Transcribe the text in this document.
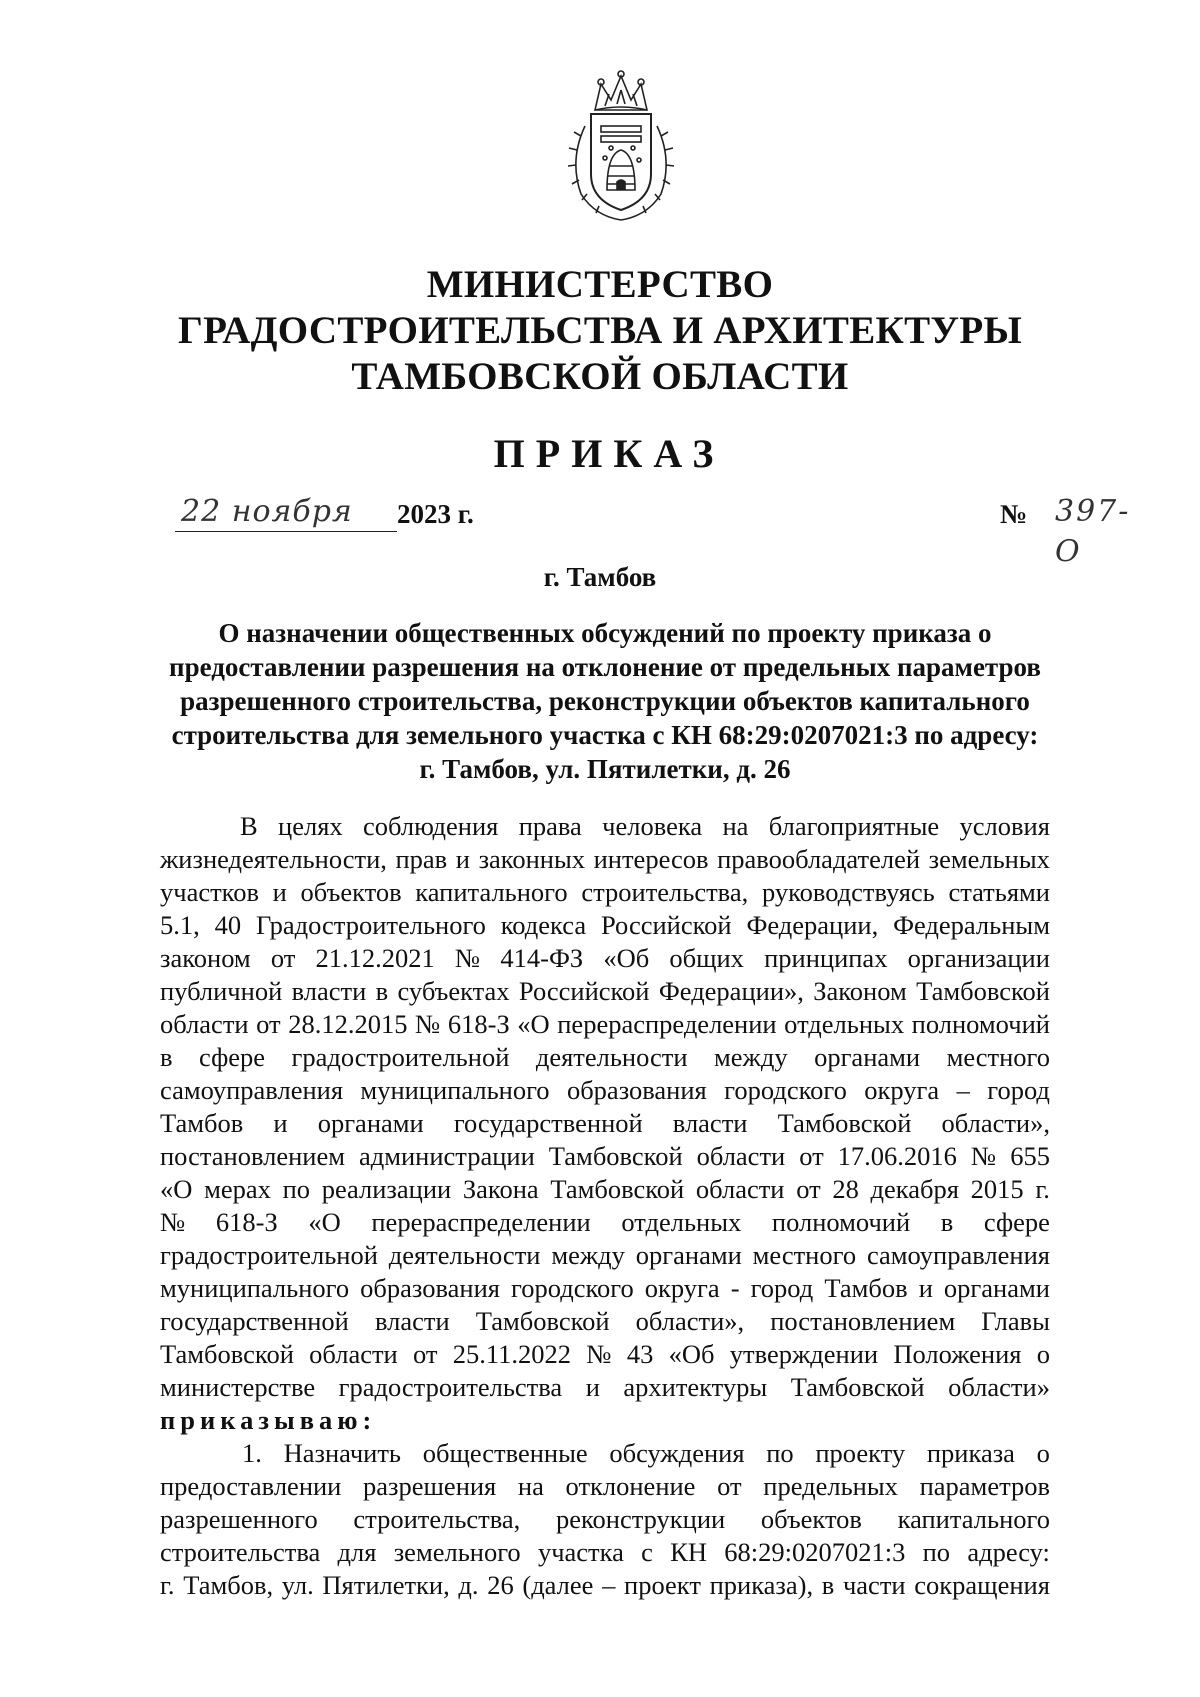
МИНИСТЕРСТВО
ГРАДОСТРОИТЕЛЬСТВА И АРХИТЕКТУРЫ
ТАМБОВСКОЙ ОБЛАСТИ
ПРИКАЗ
22 ноября	2023 г.	№ 397-О
г. Тамбов
О назначении общественных обсуждений по проекту приказа о
предоставлении разрешения на отклонение от предельных параметров
разрешенного строительства, реконструкции объектов капитального
строительства для земельного участка с КН 68:29:0207021:3 по адресу:
г. Тамбов, ул. Пятилетки, д. 26
В целях соблюдения права человека на благоприятные условия
жизнедеятельности, прав и законных интересов правообладателей земельных
участков и объектов капитального строительства, руководствуясь статьями
5.1, 40 Градостроительного кодекса Российской Федерации, Федеральным
законом от 21.12.2021 № 414-ФЗ «Об общих принципах организации
публичной власти в субъектах Российской Федерации», Законом Тамбовской
области от 28.12.2015 № 618-З «О перераспределении отдельных полномочий
в сфере градостроительной деятельности между органами местного
самоуправления муниципального образования городского округа – город
Тамбов и органами государственной власти Тамбовской области»,
постановлением администрации Тамбовской области от 17.06.2016 № 655
«О мерах по реализации Закона Тамбовской области от 28 декабря 2015 г.
№ 618-З «О перераспределении отдельных полномочий в сфере
градостроительной деятельности между органами местного самоуправления
муниципального образования городского округа - город Тамбов и органами
государственной власти Тамбовской области», постановлением Главы
Тамбовской области от 25.11.2022 № 43 «Об утверждении Положения о
министерстве градостроительства и архитектуры Тамбовской области»
приказываю:
1. Назначить общественные обсуждения по проекту приказа о
предоставлении разрешения на отклонение от предельных параметров
разрешенного строительства, реконструкции объектов капитального
строительства для земельного участка с КН 68:29:0207021:3 по адресу:
г. Тамбов, ул. Пятилетки, д. 26 (далее – проект приказа), в части сокращения
